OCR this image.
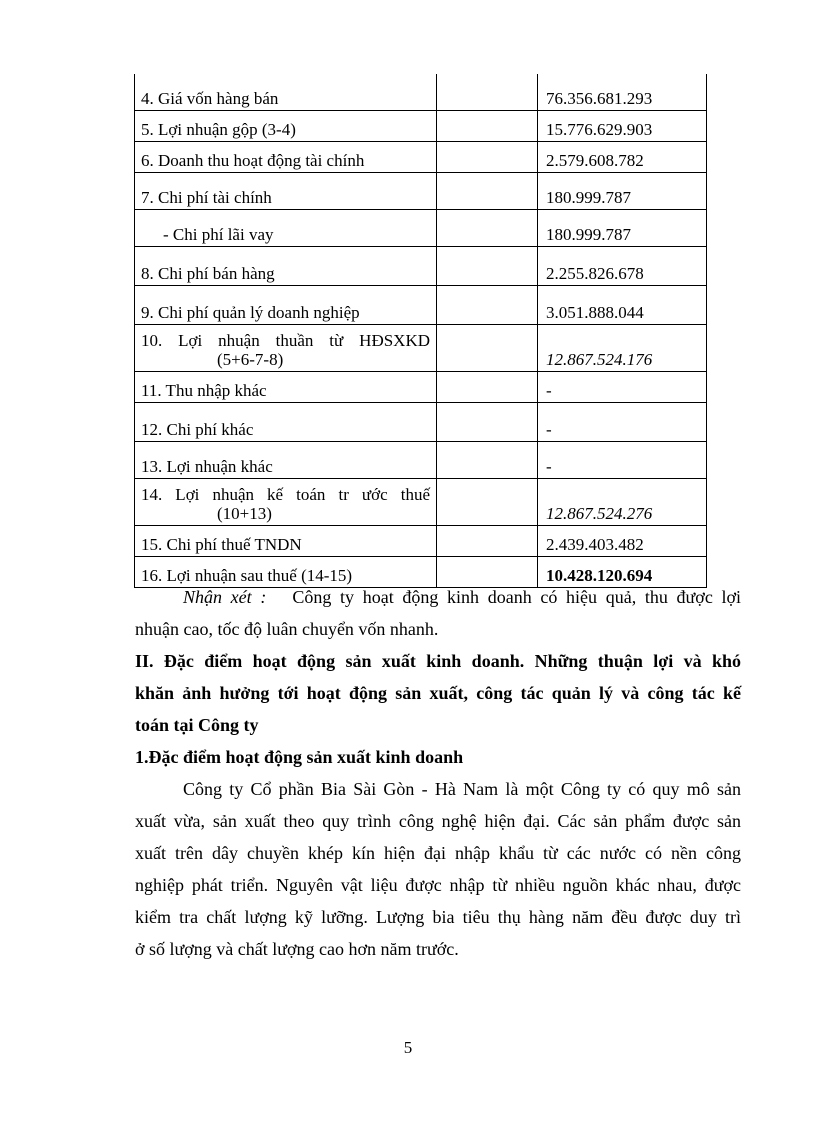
4. Giá vốn hàng bán		76.356.681.293
5. Lợi nhuận gộp (3-4)		15.776.629.903
6. Doanh thu hoạt động tài chính		2.579.608.782
7. Chi phí tài chính		180.999.787
- Chi phí lãi vay		180.999.787
8. Chi phí bán hàng		2.255.826.678
9. Chi phí quản lý doanh nghiệp		3.051.888.044

10. Lợi nhuận thuần từ HĐSXKD
(5+6-7-8)		12.867.524.176
11. Thu nhập khác		-
12. Chi phí khác		-
13. Lợi nhuận khác		-

14. Lợi nhuận kế toán tr ước thuế
(10+13)		12.867.524.276
15. Chi phí thuế TNDN		2.439.403.482
16. Lợi nhuận sau thuế (14-15)		10.428.120.694

Nhận xét : Công ty hoạt động kinh doanh có hiệu quả, thu được lợi
nhuận cao, tốc độ luân chuyển vốn nhanh.

II. Đặc điểm hoạt động sản xuất kinh doanh. Những thuận lợi và khó
khăn ảnh hưởng tới hoạt động sản xuất, công tác quản lý và công tác kế
toán tại Công ty
1.Đặc điểm hoạt động sản xuất kinh doanh

Công ty Cổ phần Bia Sài Gòn - Hà Nam là một Công ty có quy mô sản
xuất vừa, sản xuất theo quy trình công nghệ hiện đại. Các sản phẩm được sản
xuất trên dây chuyền khép kín hiện đại nhập khẩu từ các nước có nền công
nghiệp phát triển. Nguyên vật liệu được nhập từ nhiều nguồn khác nhau, được
kiểm tra chất lượng kỹ lưỡng. Lượng bia tiêu thụ hàng năm đều được duy trì
ở số lượng và chất lượng cao hơn năm trước.

5
